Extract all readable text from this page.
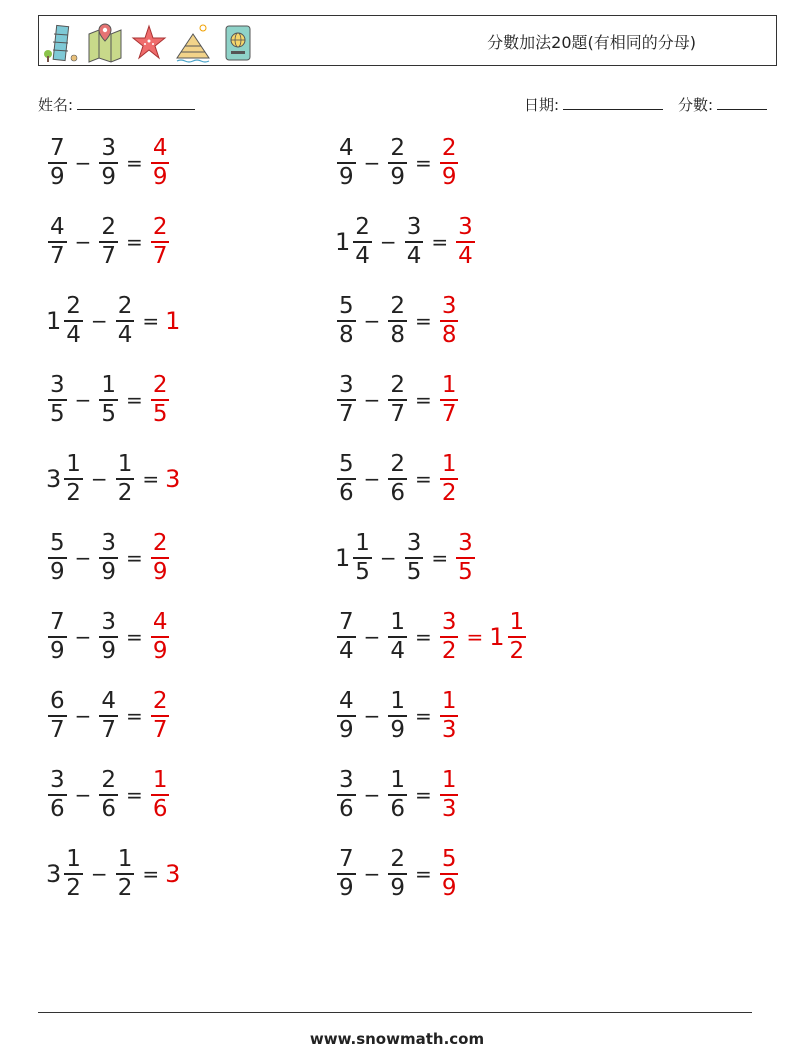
分數加法20題(有相同的分母)
姓名:	日期:	分數:
$\frac{7}{9} - \frac{3}{9} = \frac{4}{9}$	$\frac{4}{9} - \frac{2}{9} = \frac{2}{9}$
$\frac{4}{7} - \frac{2}{7} = \frac{2}{7}$	$1 \frac{2}{4} - \frac{3}{4} = \frac{3}{4}$
$1 \frac{2}{4} - \frac{2}{4} = 1$	$\frac{5}{8} - \frac{2}{8} = \frac{3}{8}$
$\frac{3}{5} - \frac{1}{5} = \frac{2}{5}$	$\frac{3}{7} - \frac{2}{7} = \frac{1}{7}$
$3 \frac{1}{2} - \frac{1}{2} = 3$	$\frac{5}{6} - \frac{2}{6} = \frac{1}{2}$
$\frac{5}{9} - \frac{3}{9} = \frac{2}{9}$	$1 \frac{1}{5} - \frac{3}{5} = \frac{3}{5}$
$\frac{7}{9} - \frac{3}{9} = \frac{4}{9}$	$\frac{7}{4} - \frac{1}{4} = \frac{3}{2} = 1 \frac{1}{2}$
$\frac{6}{7} - \frac{4}{7} = \frac{2}{7}$	$\frac{4}{9} - \frac{1}{9} = \frac{1}{3}$
$\frac{3}{6} - \frac{2}{6} = \frac{1}{6}$	$\frac{3}{6} - \frac{1}{6} = \frac{1}{3}$
$3 \frac{1}{2} - \frac{1}{2} = 3$	$\frac{7}{9} - \frac{2}{9} = \frac{5}{9}$
www.snowmath.com
